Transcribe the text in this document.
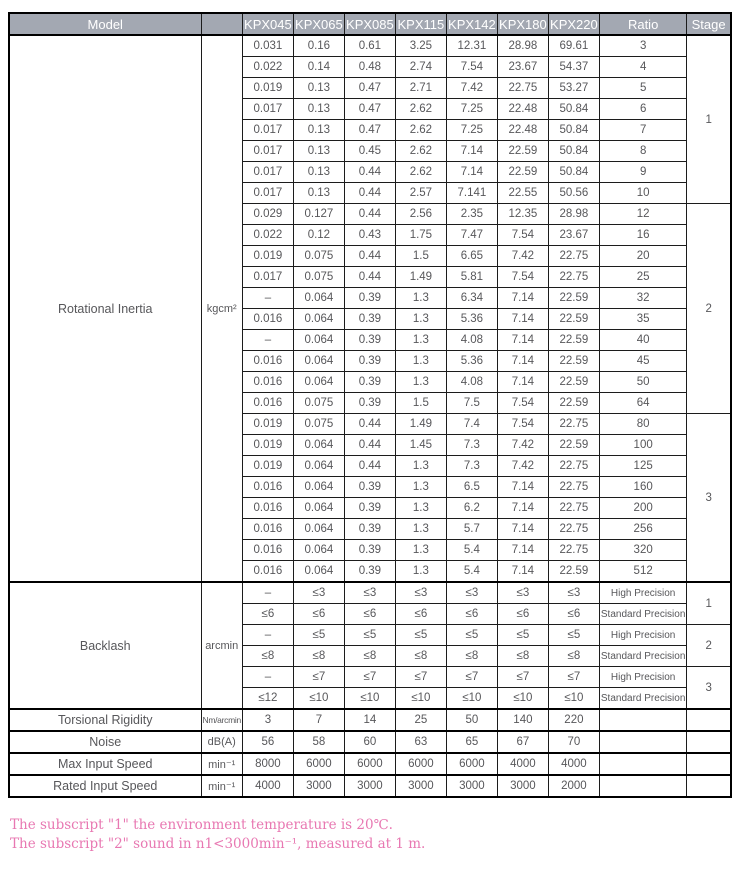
Model		KPX045	KPX065	KPX085	KPX115	KPX142	KPX180	KPX220	Ratio	Stage
Rotational Inertia	kgcm²	0.031	0.16	0.61	3.25	12.31	28.98	69.61	3	1
		0.022	0.14	0.48	2.74	7.54	23.67	54.37	4	
		0.019	0.13	0.47	2.71	7.42	22.75	53.27	5	
		0.017	0.13	0.47	2.62	7.25	22.48	50.84	6	
		0.017	0.13	0.47	2.62	7.25	22.48	50.84	7	
		0.017	0.13	0.45	2.62	7.14	22.59	50.84	8	
		0.017	0.13	0.44	2.62	7.14	22.59	50.84	9	
		0.017	0.13	0.44	2.57	7.141	22.55	50.56	10	
		0.029	0.127	0.44	2.56	2.35	12.35	28.98	12	2
		0.022	0.12	0.43	1.75	7.47	7.54	23.67	16	
		0.019	0.075	0.44	1.5	6.65	7.42	22.75	20	
		0.017	0.075	0.44	1.49	5.81	7.54	22.75	25	
		–	0.064	0.39	1.3	6.34	7.14	22.59	32	
		0.016	0.064	0.39	1.3	5.36	7.14	22.59	35	
		–	0.064	0.39	1.3	4.08	7.14	22.59	40	
		0.016	0.064	0.39	1.3	5.36	7.14	22.59	45	
		0.016	0.064	0.39	1.3	4.08	7.14	22.59	50	
		0.016	0.075	0.39	1.5	7.5	7.54	22.59	64	
		0.019	0.075	0.44	1.49	7.4	7.54	22.75	80	3
		0.019	0.064	0.44	1.45	7.3	7.42	22.59	100	
		0.019	0.064	0.44	1.3	7.3	7.42	22.75	125	
		0.016	0.064	0.39	1.3	6.5	7.14	22.75	160	
		0.016	0.064	0.39	1.3	6.2	7.14	22.75	200	
		0.016	0.064	0.39	1.3	5.7	7.14	22.75	256	
		0.016	0.064	0.39	1.3	5.4	7.14	22.75	320	
		0.016	0.064	0.39	1.3	5.4	7.14	22.59	512	
Backlash	arcmin	–	≤3	≤3	≤3	≤3	≤3	≤3	High Precision	1
		≤6	≤6	≤6	≤6	≤6	≤6	≤6	Standard Precision	
		–	≤5	≤5	≤5	≤5	≤5	≤5	High Precision	2
		≤8	≤8	≤8	≤8	≤8	≤8	≤8	Standard Precision	
		–	≤7	≤7	≤7	≤7	≤7	≤7	High Precision	3
		≤12	≤10	≤10	≤10	≤10	≤10	≤10	Standard Precision	
Torsional Rigidity	Nm/arcmin	3	7	14	25	50	140	220		
Noise	dB(A)	56	58	60	63	65	67	70		
Max Input Speed	min⁻¹	8000	6000	6000	6000	6000	4000	4000		
Rated Input Speed	min⁻¹	4000	3000	3000	3000	3000	3000	2000		
The subscript "1" the environment temperature is 20℃.
The subscript "2" sound in n1<3000min⁻¹, measured at 1 m.
